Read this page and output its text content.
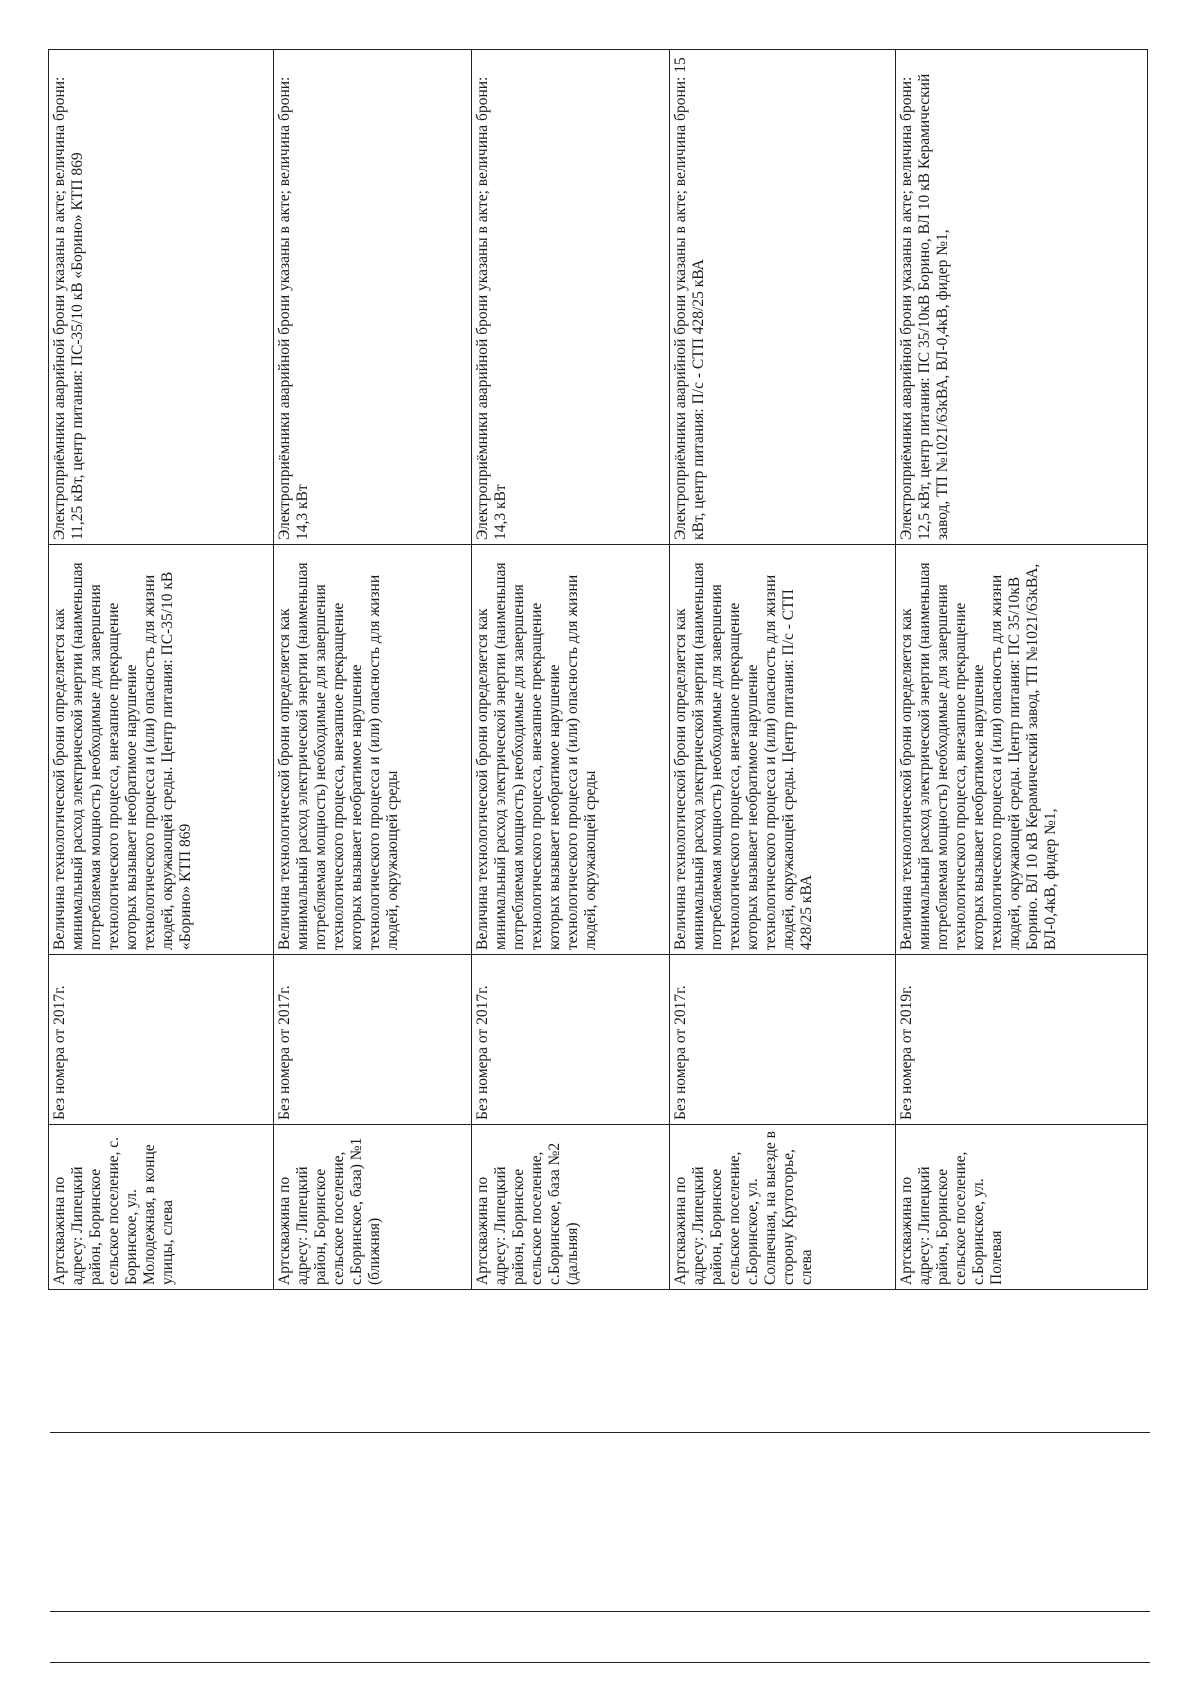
Артскважина по адресу: Липецкий район, Боринское сельское поселение, с. Боринское, ул. Молодежная, в конце улицы, слева	Без номера от 2017г.	Величина технологической брони определяется как минимальный расход электрической энергии (наименьшая потребляемая мощность) необходимые для завершения технологического процесса, внезапное прекращение которых вызывает необратимое нарушение технологического процесса и (или) опасность для жизни людей, окружающей среды. Центр питания: ПС-35/10 кВ «Борино» КТП 869	Электроприёмники аварийной брони указаны в акте; величина брони: 11,25 кВт, центр питания: ПС-35/10 кВ «Борино» КТП 869
Артскважина по адресу: Липецкий район, Боринское сельское поселение, с.Боринское, база) №1 (ближняя)	Без номера от 2017г.	Величина технологической брони определяется как минимальный расход электрической энергии (наименьшая потребляемая мощность) необходимые для завершения технологического процесса, внезапное прекращение которых вызывает необратимое нарушение технологического процесса и (или) опасность для жизни людей, окружающей среды	Электроприёмники аварийной брони указаны в акте; величина брони: 14,3 кВт
Артскважина по адресу: Липецкий район, Боринское сельское поселение, с.Боринское, база №2 (дальняя)	Без номера от 2017г.	Величина технологической брони определяется как минимальный расход электрической энергии (наименьшая потребляемая мощность) необходимые для завершения технологического процесса, внезапное прекращение которых вызывает необратимое нарушение технологического процесса и (или) опасность для жизни людей, окружающей среды	Электроприёмники аварийной брони указаны в акте; величина брони: 14,3 кВт
Артскважина по адресу: Липецкий район, Боринское сельское поселение, с.Боринское, ул. Солнечная, на выезде в сторону Крутогорье, слева	Без номера от 2017г.	Величина технологической брони определяется как минимальный расход электрической энергии (наименьшая потребляемая мощность) необходимые для завершения технологического процесса, внезапное прекращение которых вызывает необратимое нарушение технологического процесса и (или) опасность для жизни людей, окружающей среды. Центр питания: П/с - СТП 428/25 кВА	Электроприёмники аварийной брони указаны в акте; величина брони: 15 кВт, центр питания: П/с - СТП 428/25 кВА
Артскважина по адресу: Липецкий район, Боринское сельское поселение, с.Боринское, ул. Полевая	Без номера от 2019г.	Величина технологической брони определяется как минимальный расход электрической энергии (наименьшая потребляемая мощность) необходимые для завершения технологического процесса, внезапное прекращение которых вызывает необратимое нарушение технологического процесса и (или) опасность для жизни людей, окружающей среды. Центр питания: ПС 35/10кВ Борино. ВЛ 10 кВ Керамический завод, ТП №1021/63кВА, ВЛ-0,4кВ, фидер №1,	Электроприёмники аварийной брони указаны в акте; величина брони: 12,5 кВт, центр питания: ПС 35/10кВ Борино, ВЛ 10 кВ Керамический завод, ТП №1021/63кВА, ВЛ-0,4кВ, фидер №1,
